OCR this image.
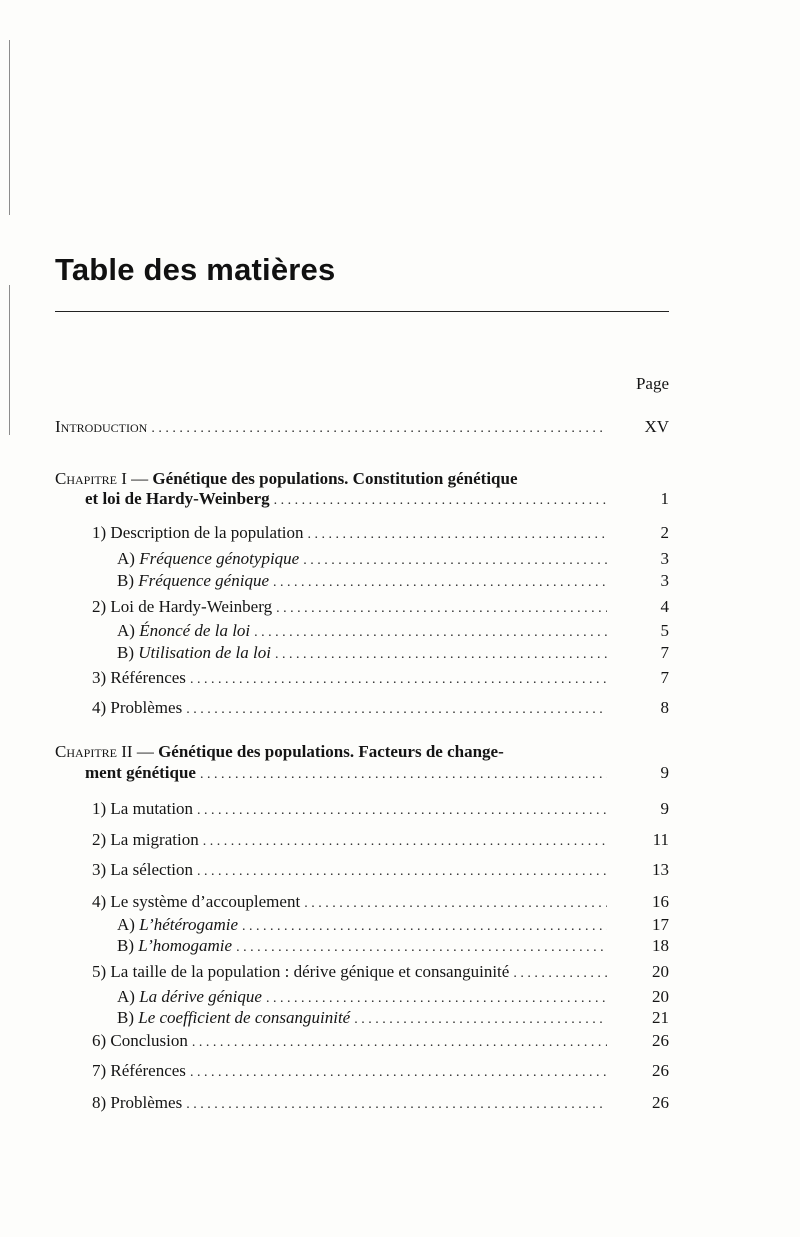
Table des matières
Page
Introduction . . .	XV
Chapitre I — Génétique des populations. Constitution génétique
et loi de Hardy-Weinberg . . .	1
1) Description de la population . . .	2
A) Fréquence génotypique . . .	3
B) Fréquence génique . . .	3
2) Loi de Hardy-Weinberg . . .	4
A) Énoncé de la loi . . .	5
B) Utilisation de la loi . . .	7
3) Références . . .	7
4) Problèmes . . .	8
Chapitre II — Génétique des populations. Facteurs de change-
ment génétique . . .	9
1) La mutation . . .	9
2) La migration . . .	11
3) La sélection . . .	13
4) Le système d’accouplement . . .	16
A) L’hétérogamie . . .	17
B) L’homogamie . . .	18
5) La taille de la population : dérive génique et consanguinité . . .	20
A) La dérive génique . . .	20
B) Le coefficient de consanguinité . . .	21
6) Conclusion . . .	26
7) Références . . .	26
8) Problèmes . . .	26
